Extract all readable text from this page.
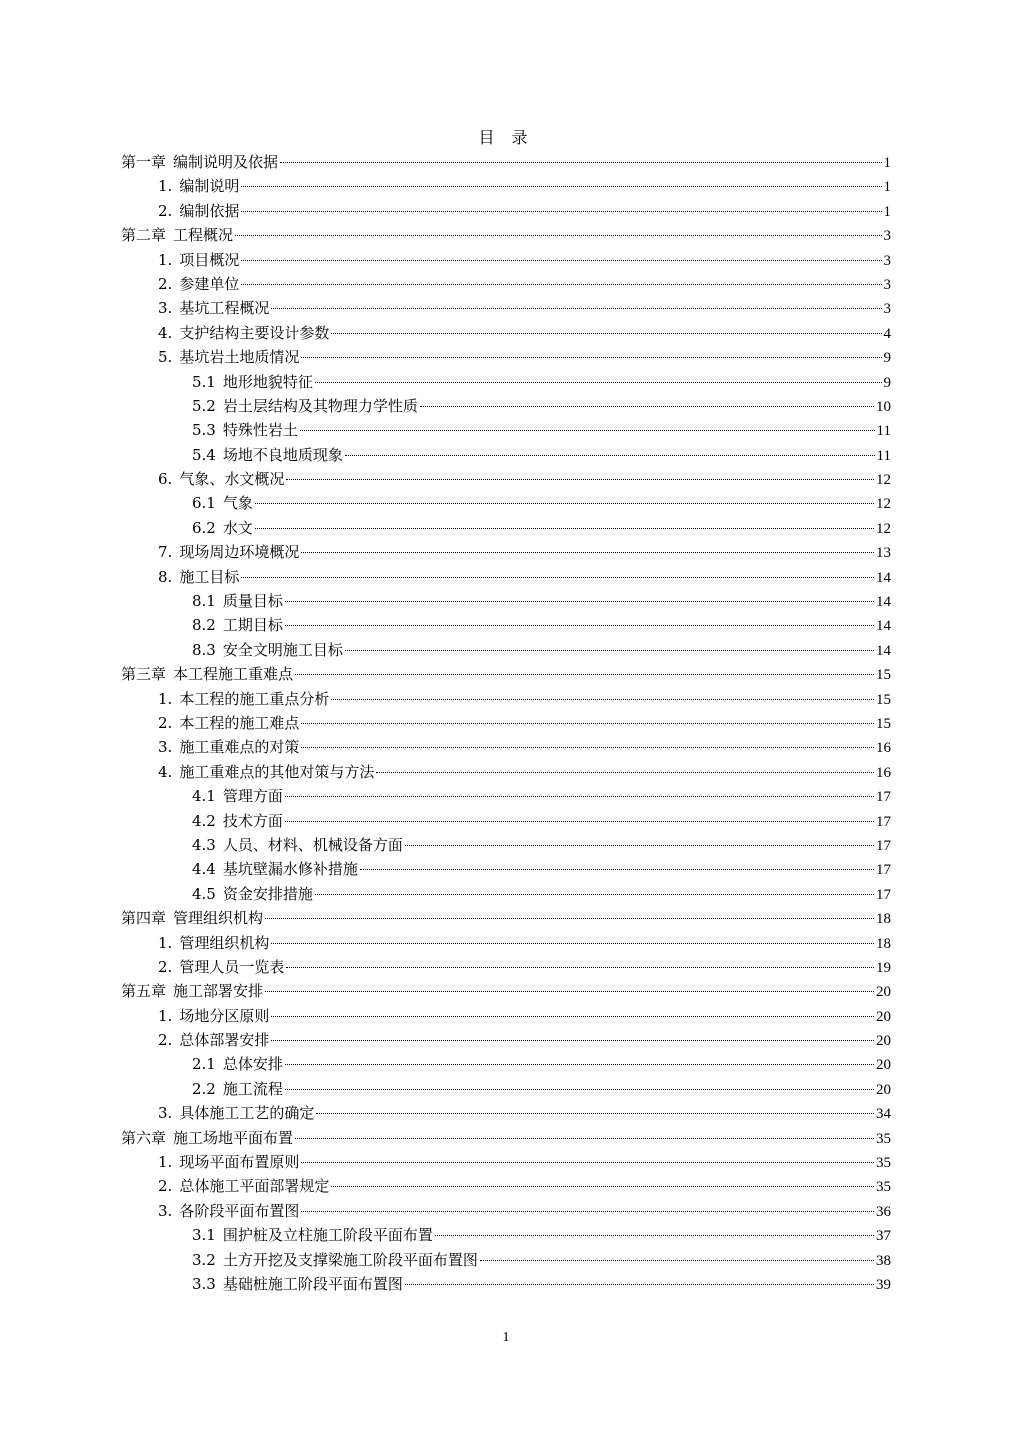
目 录
第一章 编制说明及依据	1
1. 编制说明	1
2. 编制依据	1
第二章 工程概况	3
1. 项目概况	3
2. 参建单位	3
3. 基坑工程概况	3
4. 支护结构主要设计参数	4
5. 基坑岩土地质情况	9
5.1 地形地貌特征	9
5.2 岩土层结构及其物理力学性质	10
5.3 特殊性岩土	11
5.4 场地不良地质现象	11
6. 气象、水文概况	12
6.1 气象	12
6.2 水文	12
7. 现场周边环境概况	13
8. 施工目标	14
8.1 质量目标	14
8.2 工期目标	14
8.3 安全文明施工目标	14
第三章 本工程施工重难点	15
1. 本工程的施工重点分析	15
2. 本工程的施工难点	15
3. 施工重难点的对策	16
4. 施工重难点的其他对策与方法	16
4.1 管理方面	17
4.2 技术方面	17
4.3 人员、材料、机械设备方面	17
4.4 基坑壁漏水修补措施	17
4.5 资金安排措施	17
第四章 管理组织机构	18
1. 管理组织机构	18
2. 管理人员一览表	19
第五章 施工部署安排	20
1. 场地分区原则	20
2. 总体部署安排	20
2.1 总体安排	20
2.2 施工流程	20
3. 具体施工工艺的确定	34
第六章 施工场地平面布置	35
1. 现场平面布置原则	35
2. 总体施工平面部署规定	35
3. 各阶段平面布置图	36
3.1 围护桩及立柱施工阶段平面布置	37
3.2 土方开挖及支撑梁施工阶段平面布置图	38
3.3 基础桩施工阶段平面布置图	39
1
